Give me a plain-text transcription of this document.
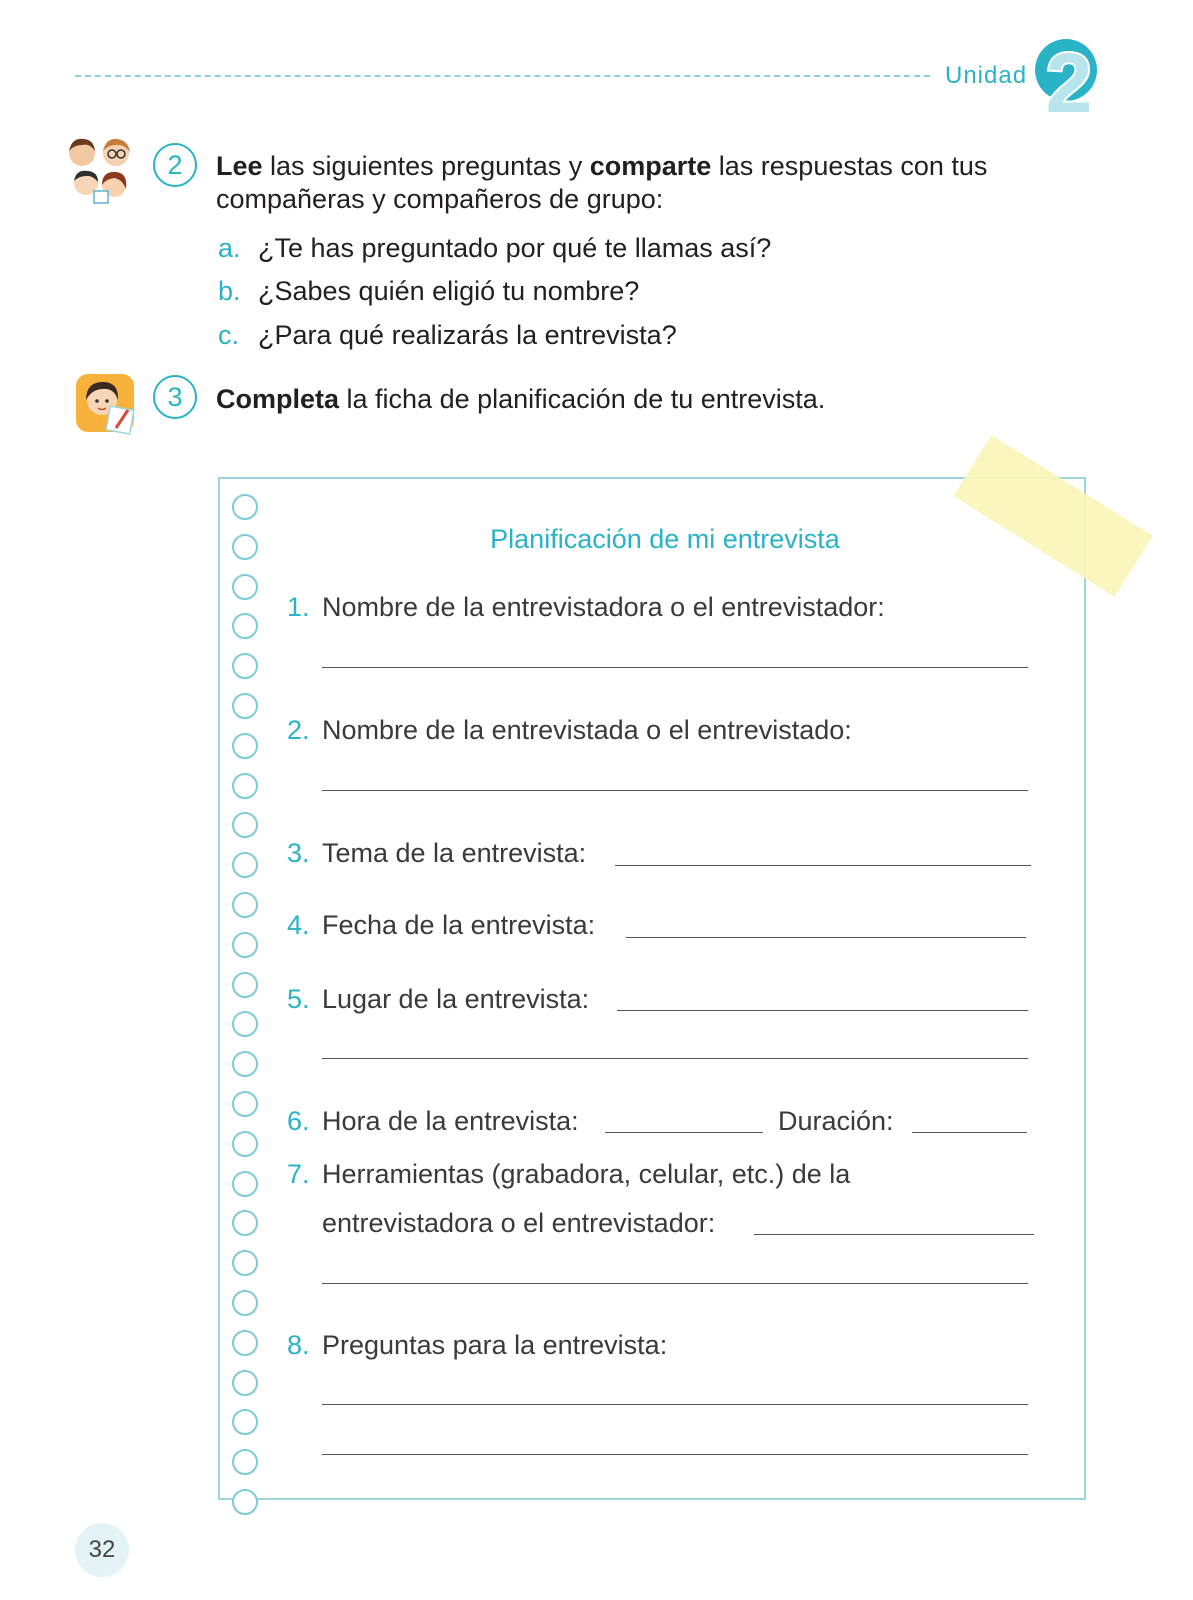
Unidad 2
2	Lee las siguientes preguntas y comparte las respuestas con tus
compañeras y compañeros de grupo:
a. ¿Te has preguntado por qué te llamas así?
b. ¿Sabes quién eligió tu nombre?
c. ¿Para qué realizarás la entrevista?
3	Completa la ficha de planificación de tu entrevista.
Planificación de mi entrevista
1. Nombre de la entrevistadora o el entrevistador:
2. Nombre de la entrevistada o el entrevistado:
3. Tema de la entrevista:
4. Fecha de la entrevista:
5. Lugar de la entrevista:
6. Hora de la entrevista:	Duración:
7. Herramientas (grabadora, celular, etc.) de la
entrevistadora o el entrevistador:
8. Preguntas para la entrevista:
32
